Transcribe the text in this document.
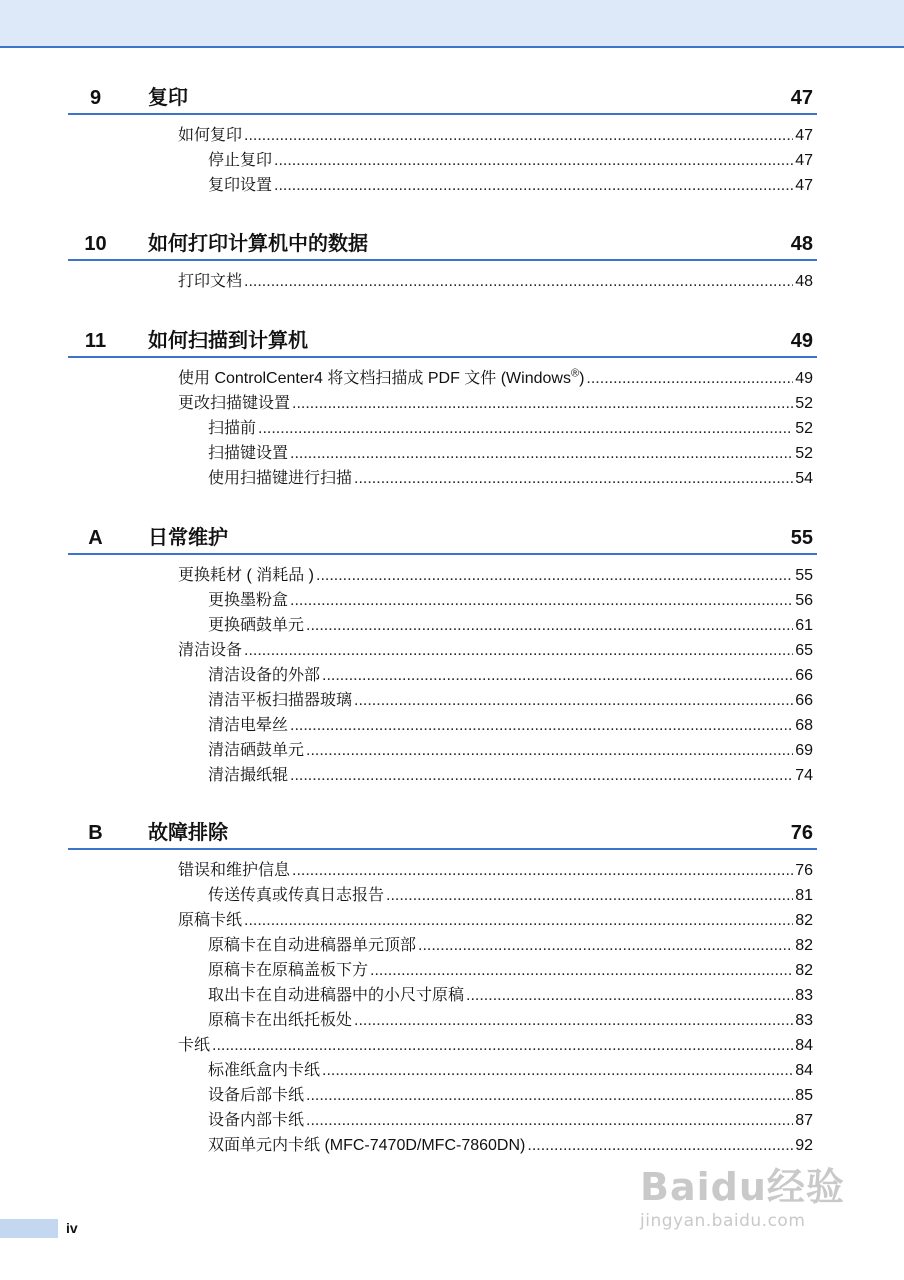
9	复印	47
如何复印 .....	47
停止复印 .....	47
复印设置 .....	47
10	如何打印计算机中的数据	48
打印文档 .....	48
11	如何扫描到计算机	49
使用 ControlCenter4 将文档扫描成 PDF 文件 (Windows®) .....	49
更改扫描键设置 .....	52
扫描前 .....	52
扫描键设置 .....	52
使用扫描键进行扫描 .....	54
A	日常维护	55
更换耗材 ( 消耗品 ) .....	55
更换墨粉盒 .....	56
更换硒鼓单元 .....	61
清洁设备 .....	65
清洁设备的外部 .....	66
清洁平板扫描器玻璃 .....	66
清洁电晕丝 .....	68
清洁硒鼓单元 .....	69
清洁撮纸辊 .....	74
B	故障排除	76
错误和维护信息 .....	76
传送传真或传真日志报告 .....	81
原稿卡纸 .....	82
原稿卡在自动进稿器单元顶部 .....	82
原稿卡在原稿盖板下方 .....	82
取出卡在自动进稿器中的小尺寸原稿 .....	83
原稿卡在出纸托板处 .....	83
卡纸 .....	84
标准纸盒内卡纸 .....	84
设备后部卡纸 .....	85
设备内部卡纸 .....	87
双面单元内卡纸 (MFC-7470D/MFC-7860DN) .....	92
iv
Baidu经验
jingyan.baidu.com
